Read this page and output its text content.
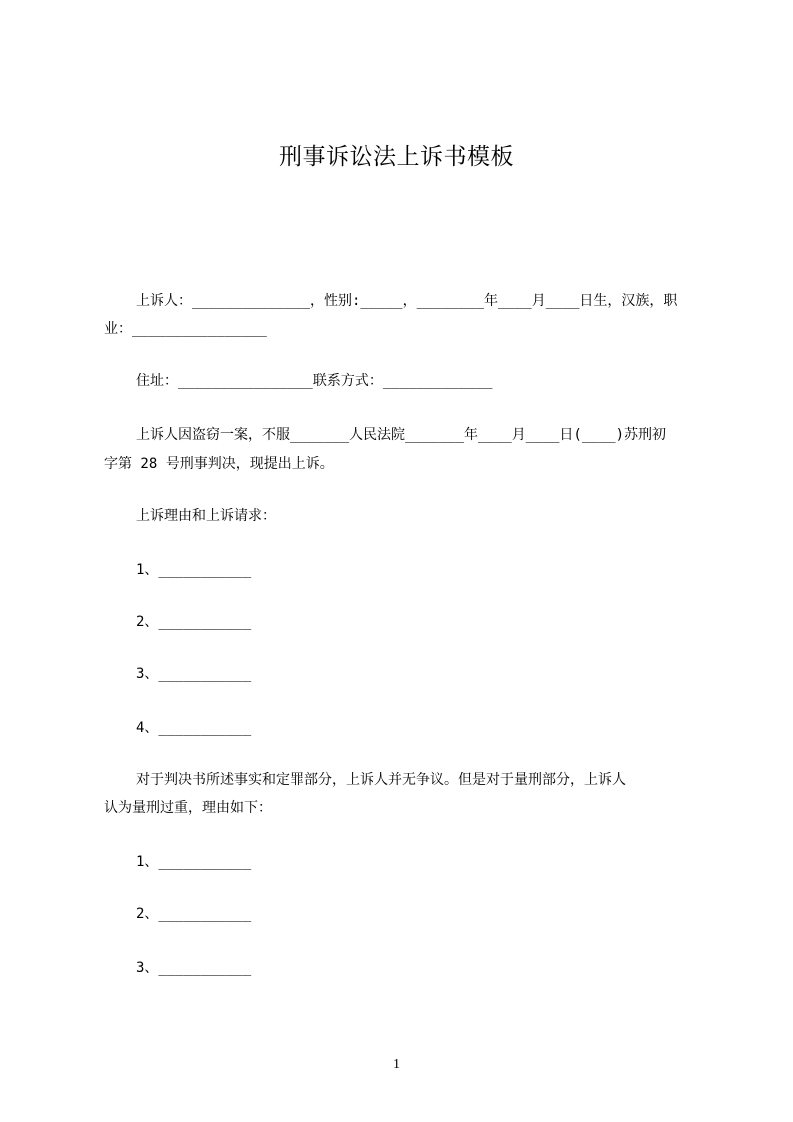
刑事诉讼法上诉书模板
上诉人：______________，性别:_____，________年____月____日生，汉族，职
业：________________
住址：________________联系方式：_____________
上诉人因盗窃一案，不服_______人民法院_______年____月____日(____)苏刑初
字第 28 号刑事判决，现提出上诉。
上诉理由和上诉请求：
1、___________
2、___________
3、___________
4、___________
对于判决书所述事实和定罪部分，上诉人并无争议。但是对于量刑部分，上诉人
认为量刑过重，理由如下：
1、___________
2、___________
3、___________
1
